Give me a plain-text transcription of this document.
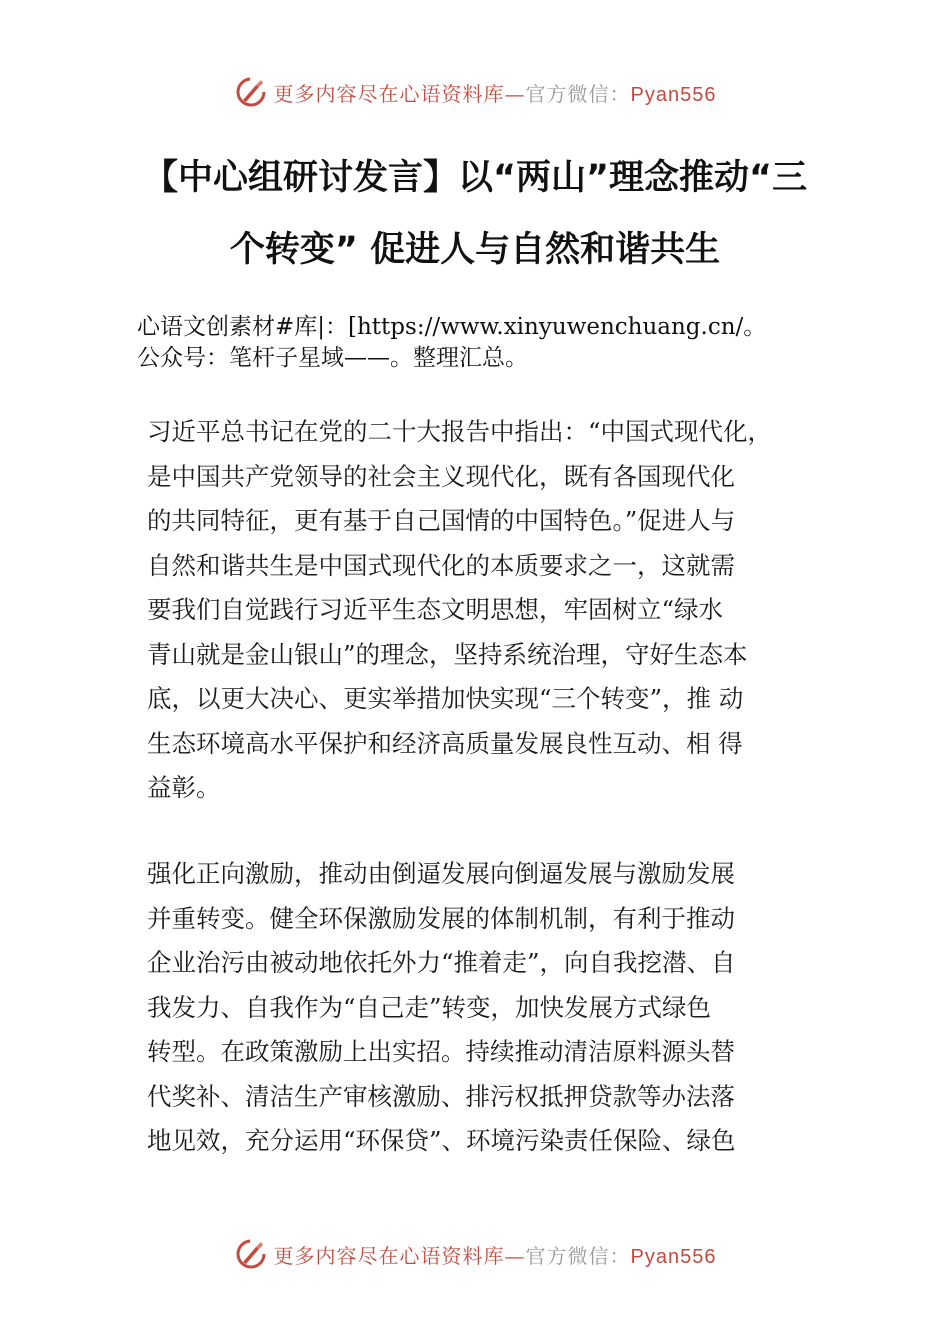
更多内容尽在心语资料库—官方微信：Pyan556
【中心组研讨发言】以“两山”理念推动“三
个转变” 促进人与自然和谐共生
心语文创素材#库|：[https://www.xinyuwenchuang.cn/。
公众号：笔杆子星域——。整理汇总。
习近平总书记在党的二十大报告中指出：“中国式现代化，
是中国共产党领导的社会主义现代化，既有各国现代化
的共同特征，更有基于自己国情的中国特色。”促进人与
自然和谐共生是中国式现代化的本质要求之一，这就需
要我们自觉践行习近平生态文明思想，牢固树立“绿水
青山就是金山银山”的理念，坚持系统治理，守好生态本
底，以更大决心、更实举措加快实现“三个转变”，推 动
生态环境高水平保护和经济高质量发展良性互动、相 得
益彰。
强化正向激励，推动由倒逼发展向倒逼发展与激励发展
并重转变。健全环保激励发展的体制机制，有利于推动
企业治污由被动地依托外力“推着走”，向自我挖潜、自
我发力、自我作为“自己走”转变，加快发展方式绿色
转型。在政策激励上出实招。持续推动清洁原料源头替
代奖补、清洁生产审核激励、排污权抵押贷款等办法落
地见效，充分运用“环保贷”、环境污染责任保险、绿色
更多内容尽在心语资料库—官方微信：Pyan556
